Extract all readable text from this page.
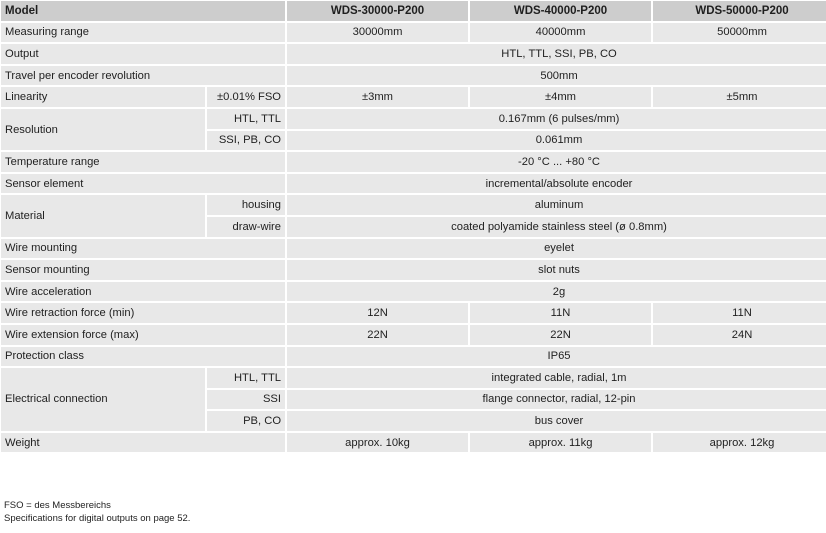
Model		WDS-30000-P200	WDS-40000-P200	WDS-50000-P200
Measuring range		30000mm	40000mm	50000mm
Output		HTL, TTL, SSI, PB, CO		
Travel per encoder revolution		500mm		
Linearity	±0.01% FSO	±3mm	±4mm	±5mm
Resolution	HTL, TTL	0.167mm (6 pulses/mm)		
	SSI, PB, CO	0.061mm		
Temperature range		-20 °C ... +80 °C		
Sensor element		incremental/absolute encoder		
Material	housing	aluminum		
	draw-wire	coated polyamide stainless steel (ø 0.8mm)		
Wire mounting		eyelet		
Sensor mounting		slot nuts		
Wire acceleration		2g		
Wire retraction force (min)		12N	11N	11N
Wire extension force (max)		22N	22N	24N
Protection class		IP65		
Electrical connection	HTL, TTL	integrated cable, radial, 1m		
	SSI	flange connector, radial, 12-pin		
	PB, CO	bus cover		
Weight		approx. 10kg	approx. 11kg	approx. 12kg
FSO = des Messbereichs
Specifications for digital outputs on page 52.
